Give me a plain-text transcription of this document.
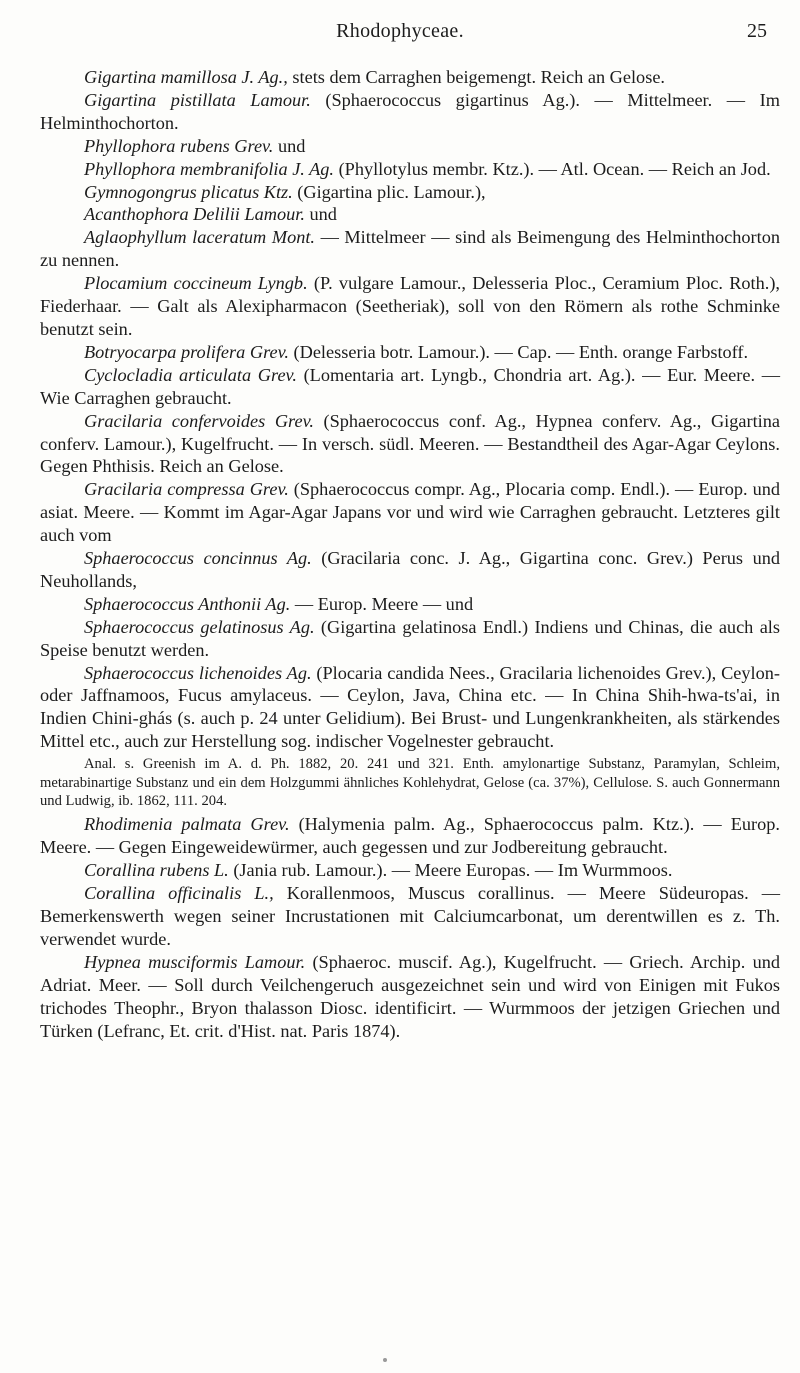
Rhodophyceae.	25

Gigartina mamillosa J. Ag., stets dem Carraghen beigemengt. Reich an Gelose.

Gigartina pistillata Lamour. (Sphaerococcus gigartinus Ag.). — Mittelmeer. — Im Helminthochorton.

Phyllophora rubens Grev. und

Phyllophora membranifolia J. Ag. (Phyllotylus membr. Ktz.). — Atl. Ocean. — Reich an Jod.

Gymnogongrus plicatus Ktz. (Gigartina plic. Lamour.),

Acanthophora Delilii Lamour. und

Aglaophyllum laceratum Mont. — Mittelmeer — sind als Beimengung des Helminthochorton zu nennen.

Plocamium coccineum Lyngb. (P. vulgare Lamour., Delesseria Ploc., Ceramium Ploc. Roth.), Fiederhaar. — Galt als Alexipharmacon (Seetheriak), soll von den Römern als rothe Schminke benutzt sein.

Botryocarpa prolifera Grev. (Delesseria botr. Lamour.). — Cap. — Enth. orange Farbstoff.

Cyclocladia articulata Grev. (Lomentaria art. Lyngb., Chondria art. Ag.). — Eur. Meere. — Wie Carraghen gebraucht.

Gracilaria confervoides Grev. (Sphaerococcus conf. Ag., Hypnea conferv. Ag., Gigartina conferv. Lamour.), Kugelfrucht. — In versch. südl. Meeren. — Bestandtheil des Agar-Agar Ceylons. Gegen Phthisis. Reich an Gelose.

Gracilaria compressa Grev. (Sphaerococcus compr. Ag., Plocaria comp. Endl.). — Europ. und asiat. Meere. — Kommt im Agar-Agar Japans vor und wird wie Carraghen gebraucht. Letzteres gilt auch vom

Sphaerococcus concinnus Ag. (Gracilaria conc. J. Ag., Gigartina conc. Grev.) Perus und Neuhollands,

Sphaerococcus Anthonii Ag. — Europ. Meere — und

Sphaerococcus gelatinosus Ag. (Gigartina gelatinosa Endl.) Indiens und Chinas, die auch als Speise benutzt werden.

Sphaerococcus lichenoides Ag. (Plocaria candida Nees., Gracilaria lichenoides Grev.), Ceylon- oder Jaffnamoos, Fucus amylaceus. — Ceylon, Java, China etc. — In China Shih-hwa-ts'ai, in Indien Chini-ghás (s. auch p. 24 unter Gelidium). Bei Brust- und Lungenkrankheiten, als stärkendes Mittel etc., auch zur Herstellung sog. indischer Vogelnester gebraucht.

Anal. s. Greenish im A. d. Ph. 1882, 20. 241 und 321. Enth. amylonartige Substanz, Paramylan, Schleim, metarabinartige Substanz und ein dem Holzgummi ähnliches Kohlehydrat, Gelose (ca. 37%), Cellulose. S. auch Gonnermann und Ludwig, ib. 1862, 111. 204.

Rhodimenia palmata Grev. (Halymenia palm. Ag., Sphaerococcus palm. Ktz.). — Europ. Meere. — Gegen Eingeweidewürmer, auch gegessen und zur Jodbereitung gebraucht.

Corallina rubens L. (Jania rub. Lamour.). — Meere Europas. — Im Wurmmoos.

Corallina officinalis L., Korallenmoos, Muscus corallinus. — Meere Südeuropas. — Bemerkenswerth wegen seiner Incrustationen mit Calciumcarbonat, um derentwillen es z. Th. verwendet wurde.

Hypnea musciformis Lamour. (Sphaeroc. muscif. Ag.), Kugelfrucht. — Griech. Archip. und Adriat. Meer. — Soll durch Veilchengeruch ausgezeichnet sein und wird von Einigen mit Fukos trichodes Theophr., Bryon thalasson Diosc. identificirt. — Wurmmoos der jetzigen Griechen und Türken (Lefranc, Et. crit. d'Hist. nat. Paris 1874).
